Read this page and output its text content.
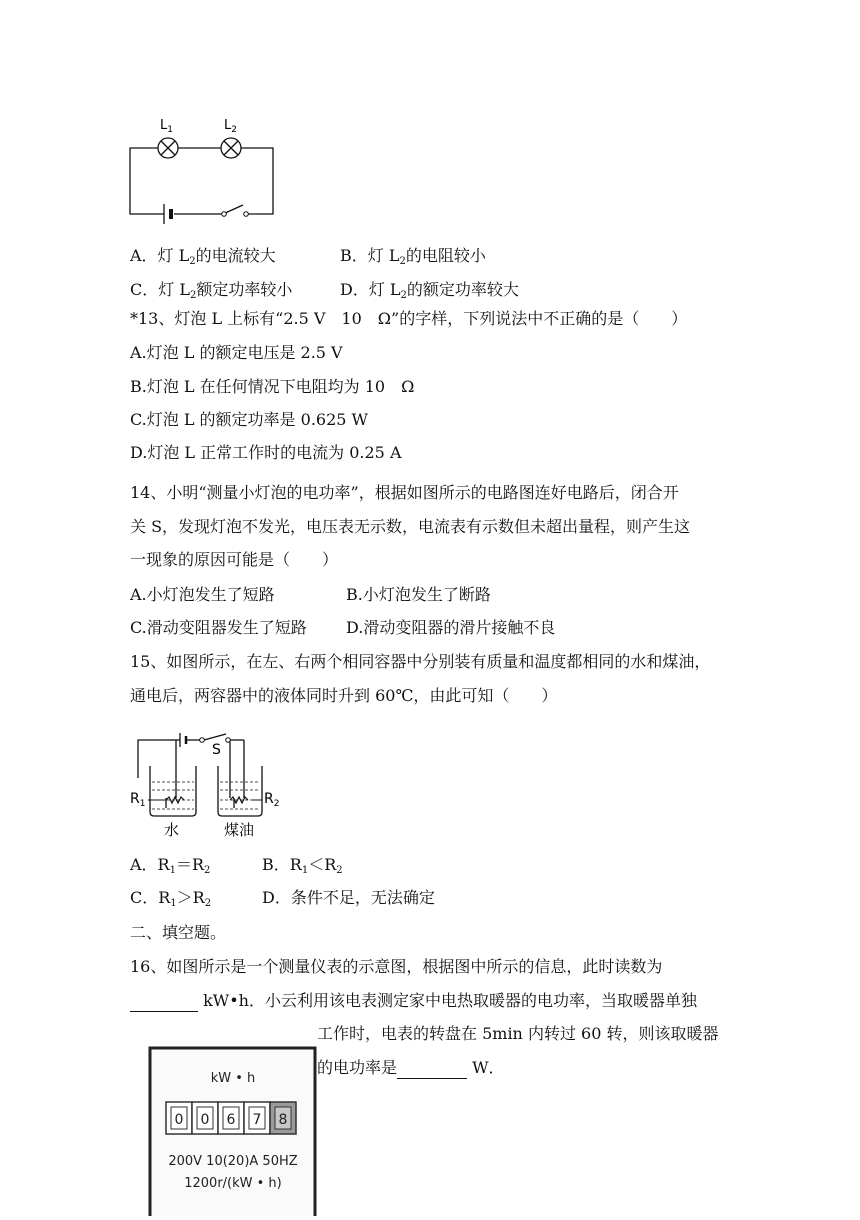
$L_1$	$L_2$
A．灯 $L_2$的电流较大	B．灯 $L_2$的电阻较小
C．灯 $L_2$额定功率较小	D．灯 $L_2$的额定功率较大
*13、灯泡 L 上标有“2.5 V　10　Ω”的字样，下列说法中不正确的是（　　）
A.灯泡 L 的额定电压是 2.5 V
B.灯泡 L 在任何情况下电阻均为 10　Ω
C.灯泡 L 的额定功率是 0.625 W
D.灯泡 L 正常工作时的电流为 0.25 A
14、小明“测量小灯泡的电功率”，根据如图所示的电路图连好电路后，闭合开
关 S，发现灯泡不发光，电压表无示数，电流表有示数但未超出量程，则产生这
一现象的原因可能是（　　）
A.小灯泡发生了短路	B.小灯泡发生了断路
C.滑动变阻器发生了短路 D.滑动变阻器的滑片接触不良
15、如图所示，在左、右两个相同容器中分别装有质量和温度都相同的水和煤油，
通电后，两容器中的液体同时升到 60℃，由此可知（　　）
S
$R_1$	$R_2$
水	煤油
A．$R_1=R_2$	B．$R_1<R_2$
C．$R_1>R_2$	D．条件不足，无法确定
二、填空题。
16、如图所示是一个测量仪表的示意图，根据图中所示的信息，此时读数为
kW•h．小云利用该电表测定家中电热取暖器的电功率，当取暖器单独
工作时，电表的转盘在 5min 内转过 60 转，则该取暖器
的电功率是	W．
kW • h
0 0 6 7 8
200V 10(20)A 50HZ
1200r/(kW • h)
